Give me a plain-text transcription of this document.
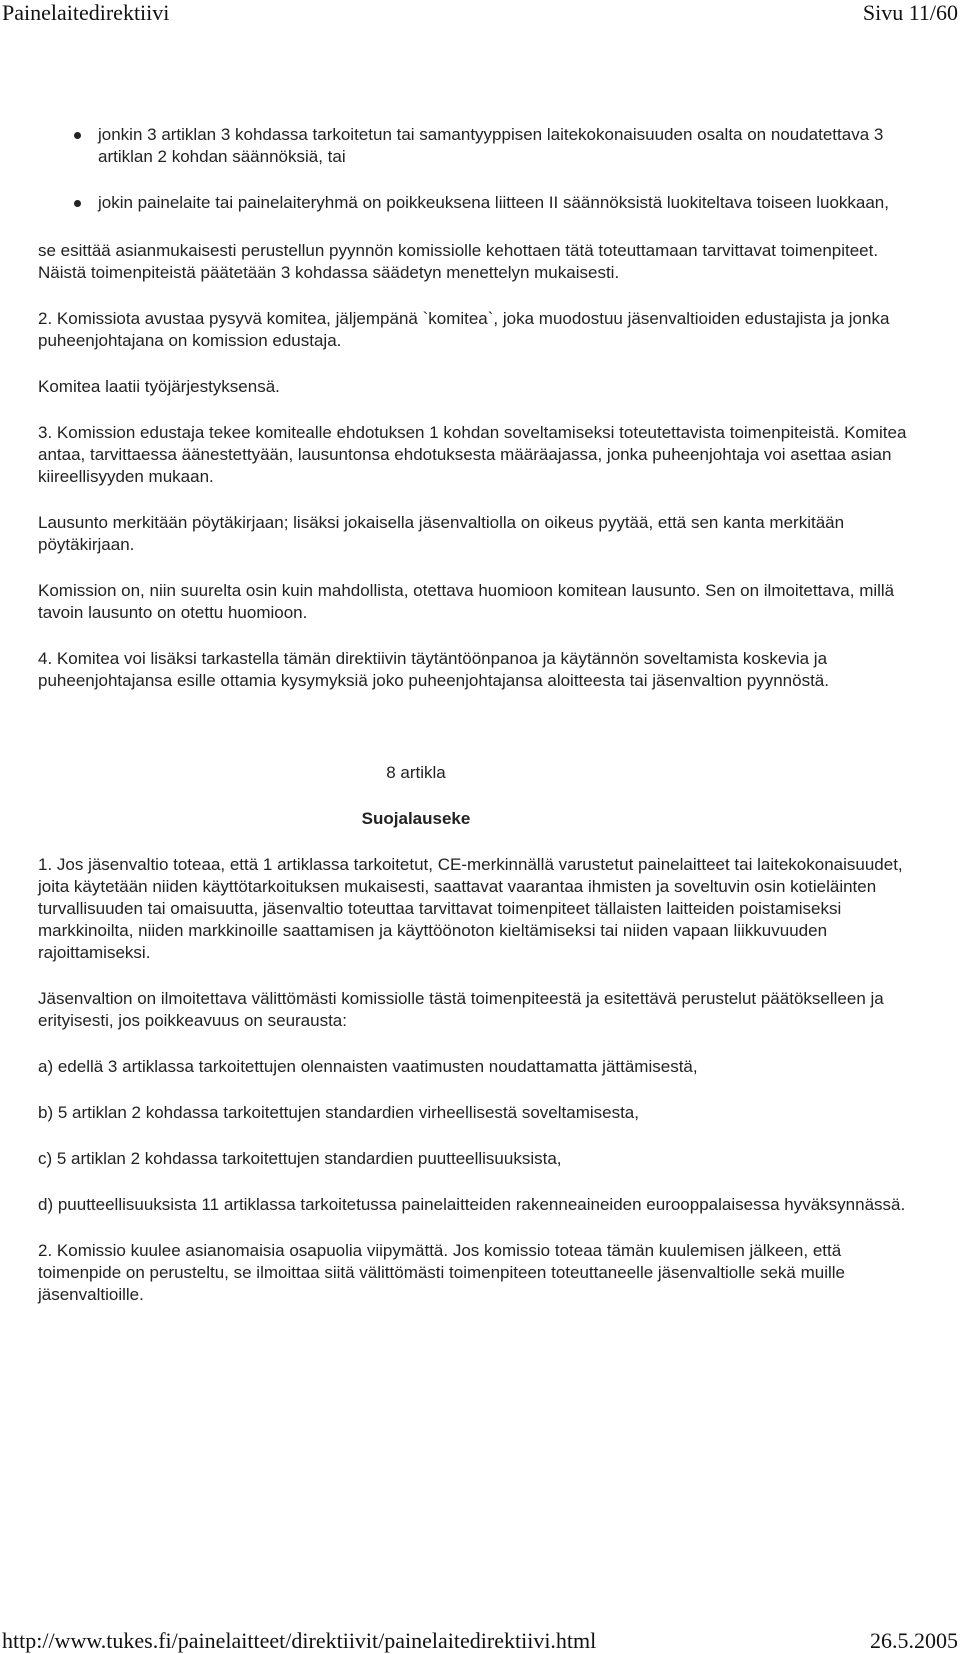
Painelaitedirektiivi	Sivu 11/60
jonkin 3 artiklan 3 kohdassa tarkoitetun tai samantyyppisen laitekokonaisuuden osalta on noudatettava 3 artiklan 2 kohdan säännöksiä, tai
jokin painelaite tai painelaiteryhmä on poikkeuksena liitteen II säännöksistä luokiteltava toiseen luokkaan,

se esittää asianmukaisesti perustellun pyynnön komissiolle kehottaen tätä toteuttamaan tarvittavat toimenpiteet. Näistä toimenpiteistä päätetään 3 kohdassa säädetyn menettelyn mukaisesti.

2. Komissiota avustaa pysyvä komitea, jäljempänä `komitea`, joka muodostuu jäsenvaltioiden edustajista ja jonka puheenjohtajana on komission edustaja.

Komitea laatii työjärjestyksensä.

3. Komission edustaja tekee komitealle ehdotuksen 1 kohdan soveltamiseksi toteutettavista toimenpiteistä. Komitea antaa, tarvittaessa äänestettyään, lausuntonsa ehdotuksesta määräajassa, jonka puheenjohtaja voi asettaa asian kiireellisyyden mukaan.

Lausunto merkitään pöytäkirjaan; lisäksi jokaisella jäsenvaltiolla on oikeus pyytää, että sen kanta merkitään pöytäkirjaan.

Komission on, niin suurelta osin kuin mahdollista, otettava huomioon komitean lausunto. Sen on ilmoitettava, millä tavoin lausunto on otettu huomioon.

4. Komitea voi lisäksi tarkastella tämän direktiivin täytäntöönpanoa ja käytännön soveltamista koskevia ja puheenjohtajansa esille ottamia kysymyksiä joko puheenjohtajansa aloitteesta tai jäsenvaltion pyynnöstä.

8 artikla

Suojalauseke

1. Jos jäsenvaltio toteaa, että 1 artiklassa tarkoitetut, CE-merkinnällä varustetut painelaitteet tai laitekokonaisuudet, joita käytetään niiden käyttötarkoituksen mukaisesti, saattavat vaarantaa ihmisten ja soveltuvin osin kotieläinten turvallisuuden tai omaisuutta, jäsenvaltio toteuttaa tarvittavat toimenpiteet tällaisten laitteiden poistamiseksi markkinoilta, niiden markkinoille saattamisen ja käyttöönoton kieltämiseksi tai niiden vapaan liikkuvuuden rajoittamiseksi.

Jäsenvaltion on ilmoitettava välittömästi komissiolle tästä toimenpiteestä ja esitettävä perustelut päätökselleen ja erityisesti, jos poikkeavuus on seurausta:

a) edellä 3 artiklassa tarkoitettujen olennaisten vaatimusten noudattamatta jättämisestä,

b) 5 artiklan 2 kohdassa tarkoitettujen standardien virheellisestä soveltamisesta,

c) 5 artiklan 2 kohdassa tarkoitettujen standardien puutteellisuuksista,

d) puutteellisuuksista 11 artiklassa tarkoitetussa painelaitteiden rakenneaineiden eurooppalaisessa hyväksynnässä.

2. Komissio kuulee asianomaisia osapuolia viipymättä. Jos komissio toteaa tämän kuulemisen jälkeen, että toimenpide on perusteltu, se ilmoittaa siitä välittömästi toimenpiteen toteuttaneelle jäsenvaltiolle sekä muille jäsenvaltioille.

http://www.tukes.fi/painelaitteet/direktiivit/painelaitedirektiivi.html	26.5.2005
